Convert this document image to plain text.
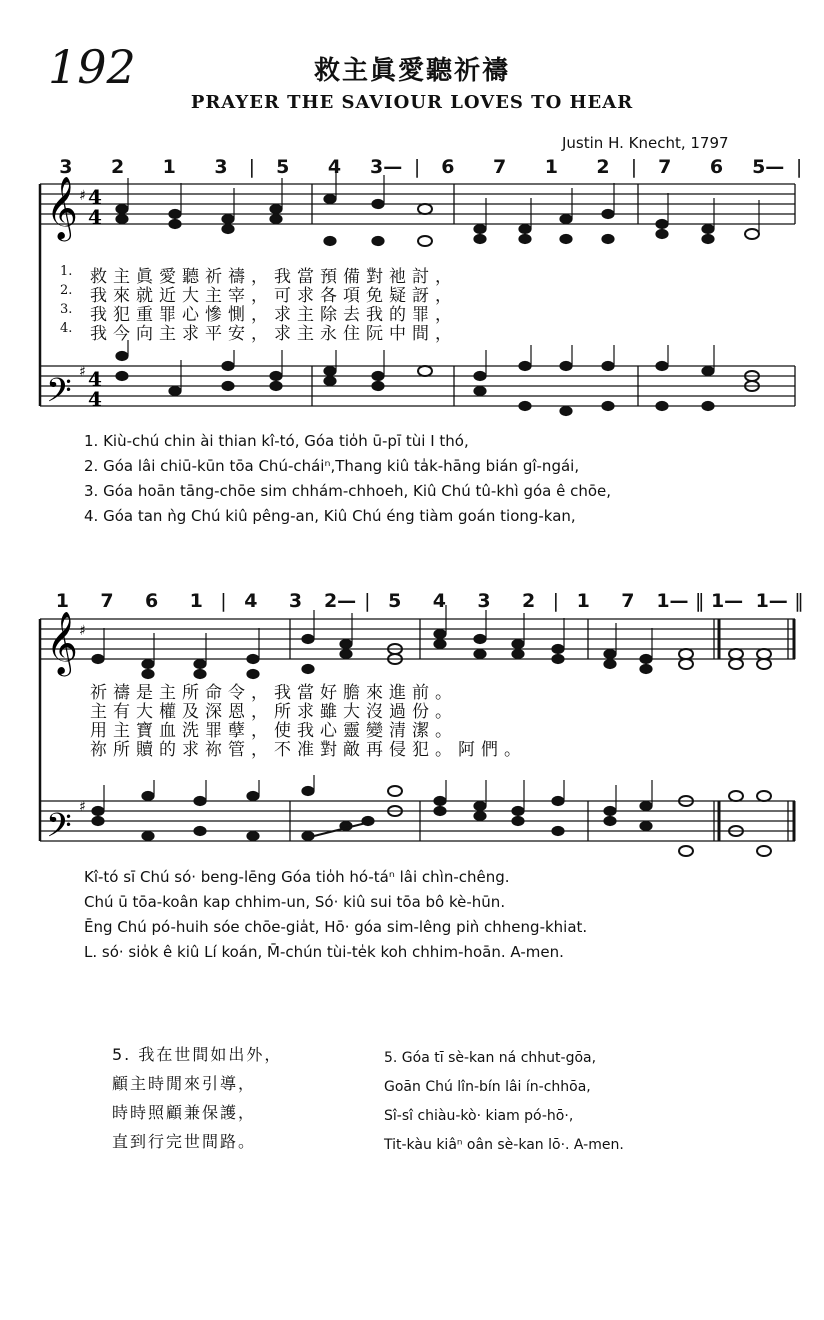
192	救主眞愛聽祈禱
PRAYER THE SAVIOUR LOVES TO HEAR
Justin H. Knecht, 1797
3	2	1	3	|	5	4	3— |	6	7	1	2	|	7	6	5— |
𝄞
𝄢
♯
♯
4
4
4
4
1.	救主眞愛聽祈禱，我當預備對祂討，
2.	我來就近大主宰，可求各項免疑訝，
3.	我犯重罪心慘惻，求主除去我的罪，
4.	我今向主求平安，求主永住阮中間，
1. Kiù-chú chin ài thian kî-tó, Góa tio̍h ū-pī tùi I thó,
2. Góa lâi chiū-kūn tōa Chú-cháiⁿ,Thang kiû ta̍k-hāng bián gî-ngái,
3. Góa hoān tāng-chōe sim chhám-chhoeh, Kiû Chú tû-khì góa ê chōe,
4. Góa tan ǹg Chú kiû pêng-an, Kiû Chú éng tiàm goán tiong-kan,
1	7	6	1 | 4	3	2— | 5	4	3	2 | 1	7	1— ‖ 1— 1— ‖
𝄞
𝄢
♯
♯
祈禱是主所命令，我當好膽來進前。
主有大權及深恩，所求雖大沒過份。
用主寶血洗罪孽，使我心靈變清潔。
祢所贖的求祢管，不准對敵再侵犯。阿們。
Kî-tó sī Chú só· beng-lēng Góa tio̍h hó-táⁿ lâi chìn-chêng.
Chú ū tōa-koân kap chhim-un, Só· kiû sui tōa bô kè-hūn.
Ēng Chú pó-huih sóe chōe-gia̍t, Hō· góa sim-lêng piǹ chheng-khiat.
L. só· sio̍k ê kiû Lí koán, M̄-chún tùi-te̍k koh chhim-hoān. A-men.
5. 我在世間如出外，
顧主時閒來引導，
時時照顧兼保護，
直到行完世間路。
5. Góa tī sè-kan ná chhut-gōa,
Goān Chú lîn-bín lâi ín-chhōa,
Sî-sî chiàu-kò· kiam pó-hō·,
Tit-kàu kiâⁿ oân sè-kan lō·. A-men.
